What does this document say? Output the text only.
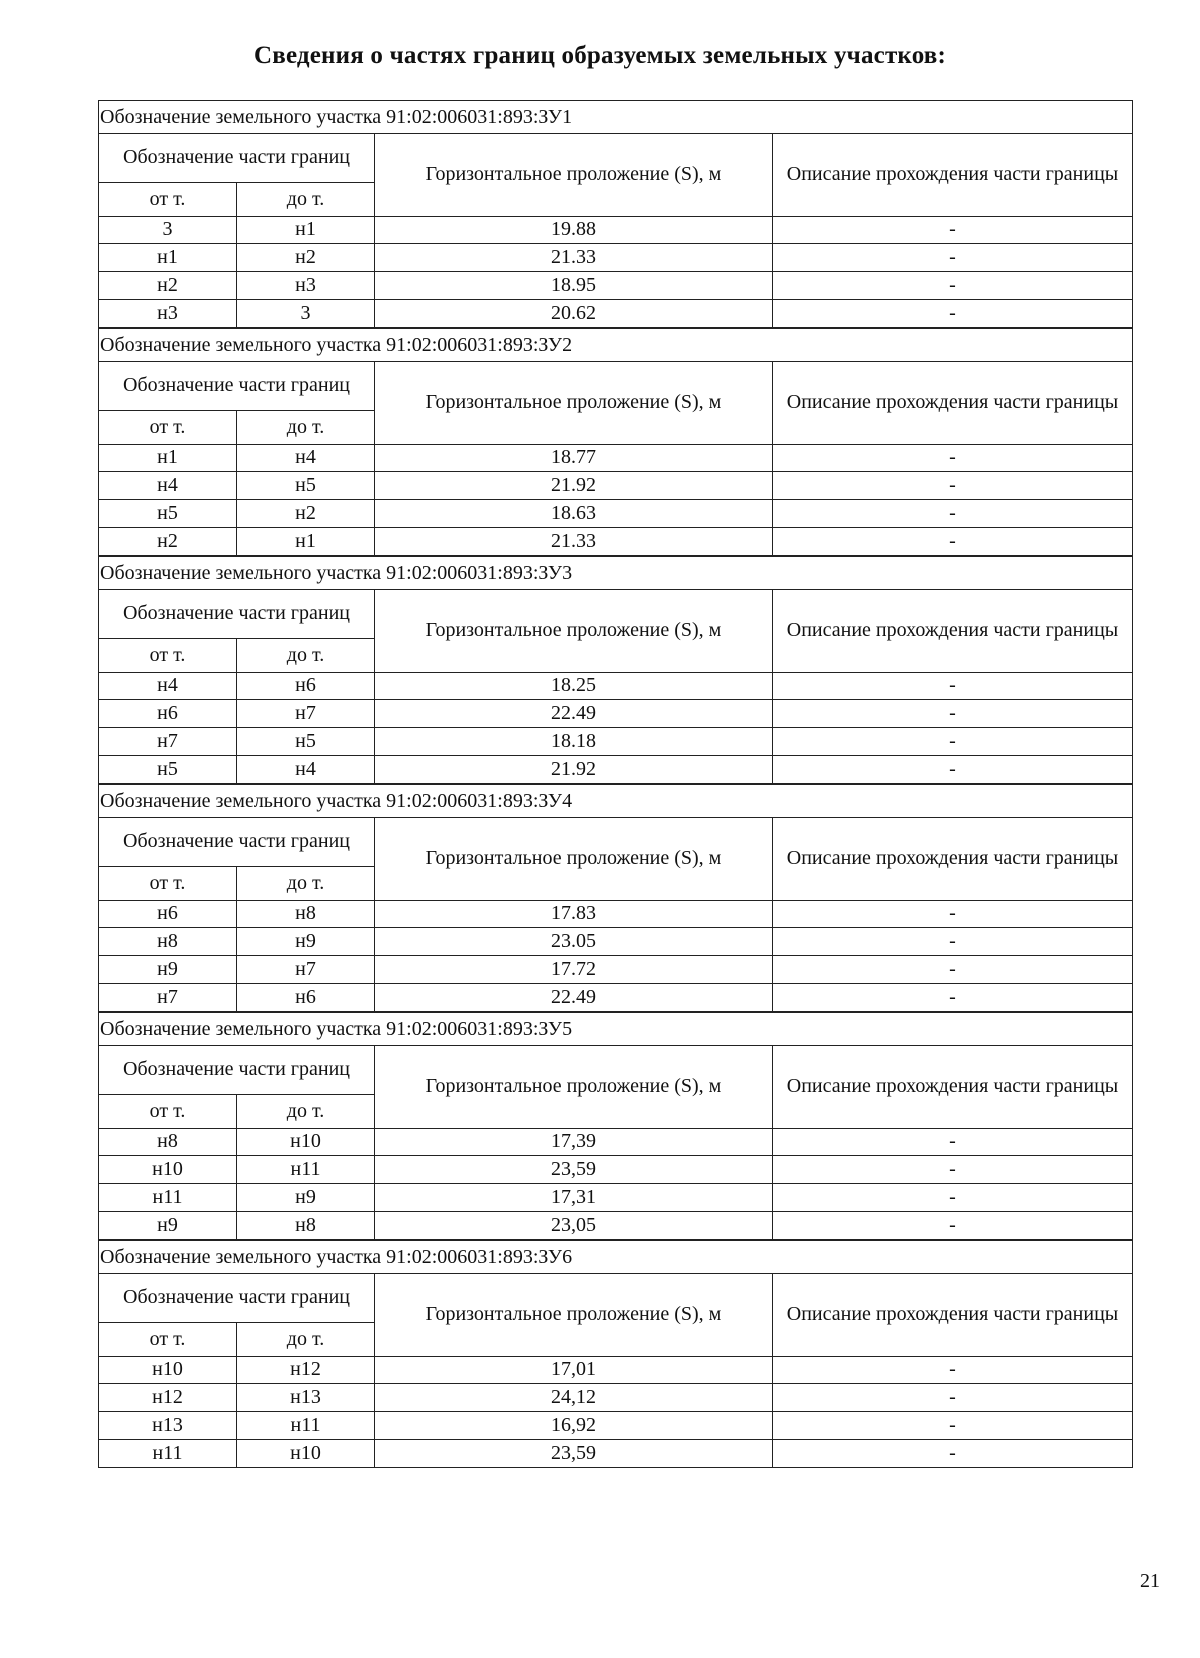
Сведения о частях границ образуемых земельных участков:
Обозначение земельного участка 91:02:006031:893:ЗУ1			
Обозначение части границ		Горизонтальное проложение (S), м	Описание прохождения части границы
от т.	до т.		
3	н1	19.88	-
н1	н2	21.33	-
н2	н3	18.95	-
н3	3	20.62	-
Обозначение земельного участка 91:02:006031:893:ЗУ2			
Обозначение части границ		Горизонтальное проложение (S), м	Описание прохождения части границы
от т.	до т.		
н1	н4	18.77	-
н4	н5	21.92	-
н5	н2	18.63	-
н2	н1	21.33	-
Обозначение земельного участка 91:02:006031:893:ЗУ3			
Обозначение части границ		Горизонтальное проложение (S), м	Описание прохождения части границы
от т.	до т.		
н4	н6	18.25	-
н6	н7	22.49	-
н7	н5	18.18	-
н5	н4	21.92	-
Обозначение земельного участка 91:02:006031:893:ЗУ4			
Обозначение части границ		Горизонтальное проложение (S), м	Описание прохождения части границы
от т.	до т.		
н6	н8	17.83	-
н8	н9	23.05	-
н9	н7	17.72	-
н7	н6	22.49	-
Обозначение земельного участка 91:02:006031:893:ЗУ5			
Обозначение части границ		Горизонтальное проложение (S), м	Описание прохождения части границы
от т.	до т.		
н8	н10	17,39	-
н10	н11	23,59	-
н11	н9	17,31	-
н9	н8	23,05	-
Обозначение земельного участка 91:02:006031:893:ЗУ6			
Обозначение части границ		Горизонтальное проложение (S), м	Описание прохождения части границы
от т.	до т.		
н10	н12	17,01	-
н12	н13	24,12	-
н13	н11	16,92	-
н11	н10	23,59	-
21
